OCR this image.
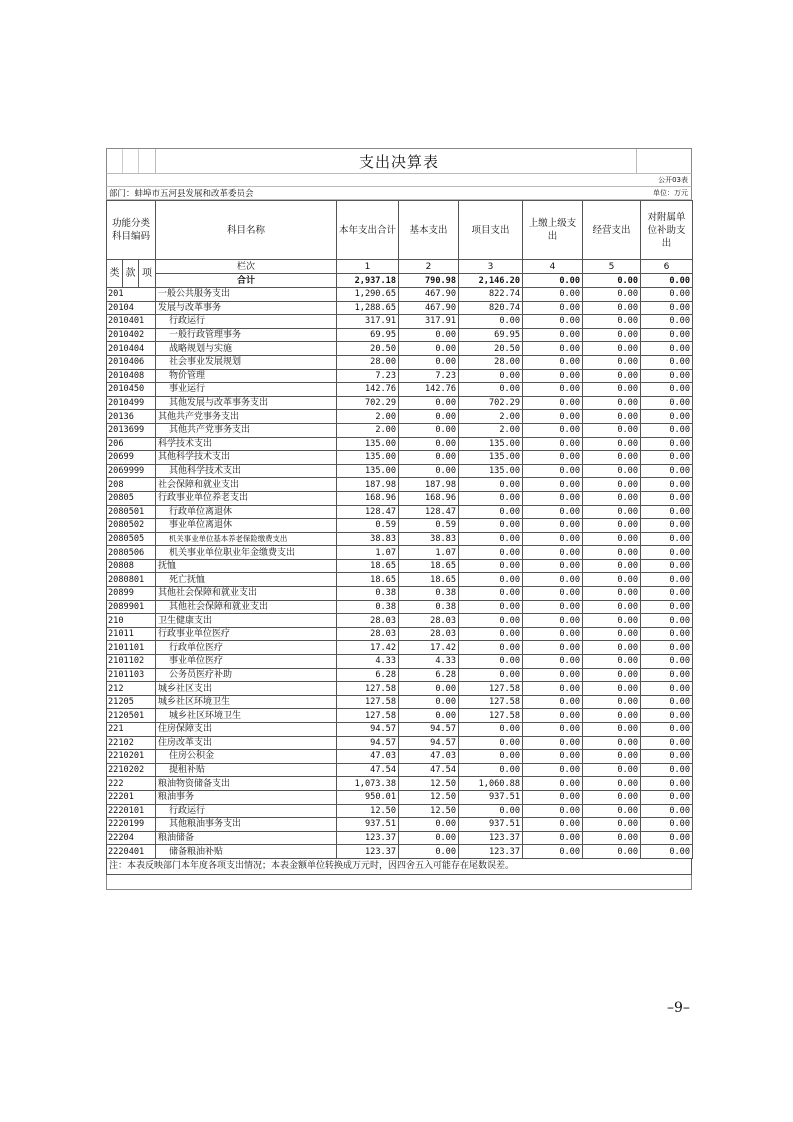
支出决算表
公开03表
部门：蚌埠市五河县发展和改革委员会	单位：万元
功能分类科目编码			科目名称	本年支出合计	基本支出	项目支出	上缴上级支出	经营支出	对附属单位补助支出
类	款	项	栏次	1	2	3	4	5	6
			合计	2,937.18	790.98	2,146.20	0.00	0.00	0.00
201			一般公共服务支出	1,290.65	467.90	822.74	0.00	0.00	0.00
20104			发展与改革事务	1,288.65	467.90	820.74	0.00	0.00	0.00
2010401			行政运行	317.91	317.91	0.00	0.00	0.00	0.00
2010402			一般行政管理事务	69.95	0.00	69.95	0.00	0.00	0.00
2010404			战略规划与实施	20.50	0.00	20.50	0.00	0.00	0.00
2010406			社会事业发展规划	28.00	0.00	28.00	0.00	0.00	0.00
2010408			物价管理	7.23	7.23	0.00	0.00	0.00	0.00
2010450			事业运行	142.76	142.76	0.00	0.00	0.00	0.00
2010499			其他发展与改革事务支出	702.29	0.00	702.29	0.00	0.00	0.00
20136			其他共产党事务支出	2.00	0.00	2.00	0.00	0.00	0.00
2013699			其他共产党事务支出	2.00	0.00	2.00	0.00	0.00	0.00
206			科学技术支出	135.00	0.00	135.00	0.00	0.00	0.00
20699			其他科学技术支出	135.00	0.00	135.00	0.00	0.00	0.00
2069999			其他科学技术支出	135.00	0.00	135.00	0.00	0.00	0.00
208			社会保障和就业支出	187.98	187.98	0.00	0.00	0.00	0.00
20805			行政事业单位养老支出	168.96	168.96	0.00	0.00	0.00	0.00
2080501			行政单位离退休	128.47	128.47	0.00	0.00	0.00	0.00
2080502			事业单位离退休	0.59	0.59	0.00	0.00	0.00	0.00
2080505			机关事业单位基本养老保险缴费支出	38.83	38.83	0.00	0.00	0.00	0.00
2080506			机关事业单位职业年金缴费支出	1.07	1.07	0.00	0.00	0.00	0.00
20808			抚恤	18.65	18.65	0.00	0.00	0.00	0.00
2080801			死亡抚恤	18.65	18.65	0.00	0.00	0.00	0.00
20899			其他社会保障和就业支出	0.38	0.38	0.00	0.00	0.00	0.00
2089901			其他社会保障和就业支出	0.38	0.38	0.00	0.00	0.00	0.00
210			卫生健康支出	28.03	28.03	0.00	0.00	0.00	0.00
21011			行政事业单位医疗	28.03	28.03	0.00	0.00	0.00	0.00
2101101			行政单位医疗	17.42	17.42	0.00	0.00	0.00	0.00
2101102			事业单位医疗	4.33	4.33	0.00	0.00	0.00	0.00
2101103			公务员医疗补助	6.28	6.28	0.00	0.00	0.00	0.00
212			城乡社区支出	127.58	0.00	127.58	0.00	0.00	0.00
21205			城乡社区环境卫生	127.58	0.00	127.58	0.00	0.00	0.00
2120501			城乡社区环境卫生	127.58	0.00	127.58	0.00	0.00	0.00
221			住房保障支出	94.57	94.57	0.00	0.00	0.00	0.00
22102			住房改革支出	94.57	94.57	0.00	0.00	0.00	0.00
2210201			住房公积金	47.03	47.03	0.00	0.00	0.00	0.00
2210202			提租补贴	47.54	47.54	0.00	0.00	0.00	0.00
222			粮油物资储备支出	1,073.38	12.50	1,060.88	0.00	0.00	0.00
22201			粮油事务	950.01	12.50	937.51	0.00	0.00	0.00
2220101			行政运行	12.50	12.50	0.00	0.00	0.00	0.00
2220199			其他粮油事务支出	937.51	0.00	937.51	0.00	0.00	0.00
22204			粮油储备	123.37	0.00	123.37	0.00	0.00	0.00
2220401			储备粮油补贴	123.37	0.00	123.37	0.00	0.00	0.00
注：本表反映部门本年度各项支出情况；本表金额单位转换成万元时，因四舍五入可能存在尾数误差。
–9–
